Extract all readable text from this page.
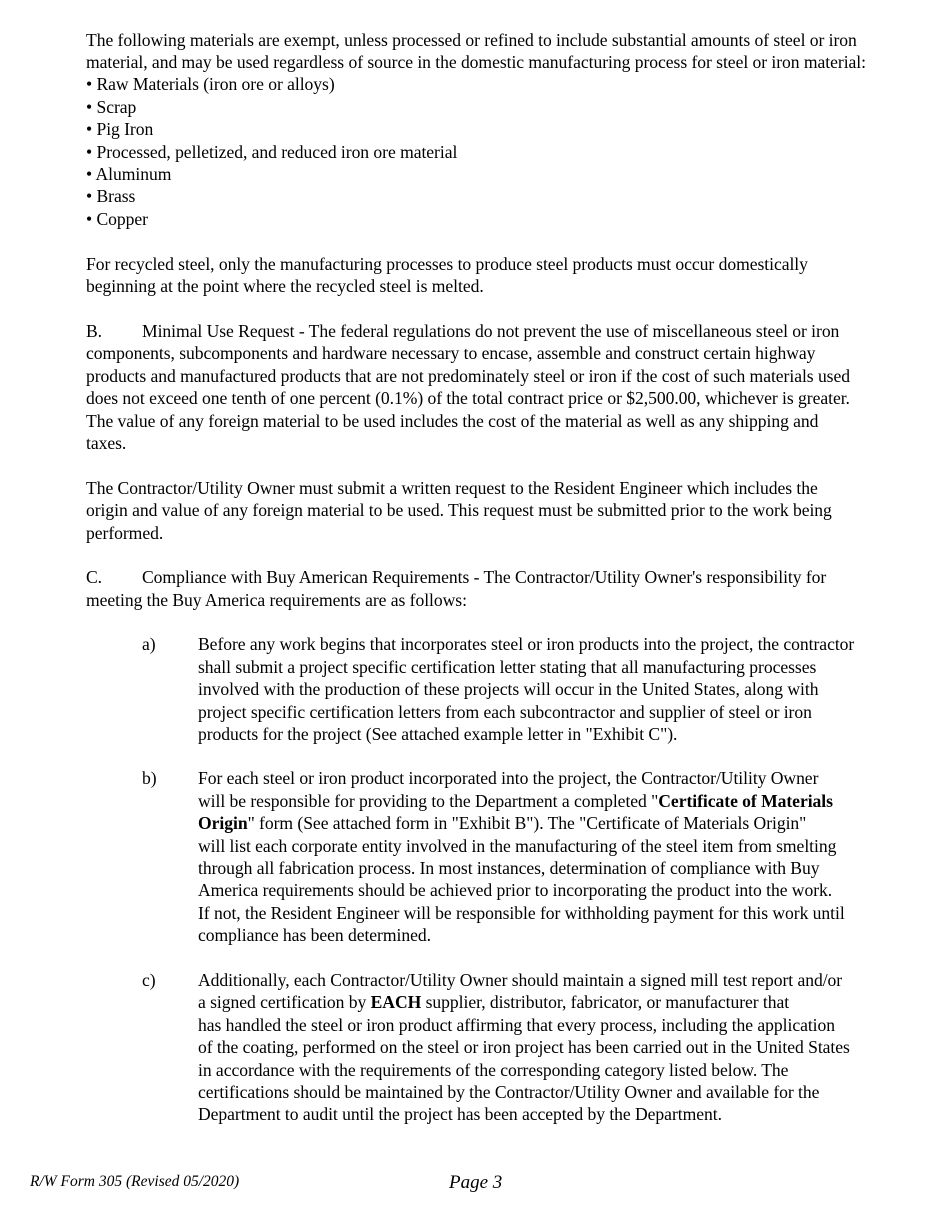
The following materials are exempt, unless processed or refined to include substantial amounts of steel or iron
material, and may be used regardless of source in the domestic manufacturing process for steel or iron material:
• Raw Materials (iron ore or alloys)
• Scrap
• Pig Iron
• Processed, pelletized, and reduced iron ore material
• Aluminum
• Brass
• Copper
For recycled steel, only the manufacturing processes to produce steel products must occur domestically
beginning at the point where the recycled steel is melted.
B. Minimal Use Request - The federal regulations do not prevent the use of miscellaneous steel or iron
components, subcomponents and hardware necessary to encase, assemble and construct certain highway
products and manufactured products that are not predominately steel or iron if the cost of such materials used
does not exceed one tenth of one percent (0.1%) of the total contract price or $2,500.00, whichever is greater.
The value of any foreign material to be used includes the cost of the material as well as any shipping and
taxes.
The Contractor/Utility Owner must submit a written request to the Resident Engineer which includes the
origin and value of any foreign material to be used. This request must be submitted prior to the work being
performed.
C. Compliance with Buy American Requirements - The Contractor/Utility Owner's responsibility for
meeting the Buy America requirements are as follows:
a) Before any work begins that incorporates steel or iron products into the project, the contractor
shall submit a project specific certification letter stating that all manufacturing processes
involved with the production of these projects will occur in the United States, along with
project specific certification letters from each subcontractor and supplier of steel or iron
products for the project (See attached example letter in "Exhibit C").
b) For each steel or iron product incorporated into the project, the Contractor/Utility Owner
will be responsible for providing to the Department a completed "Certificate of Materials
Origin" form (See attached form in "Exhibit B"). The "Certificate of Materials Origin"
will list each corporate entity involved in the manufacturing of the steel item from smelting
through all fabrication process. In most instances, determination of compliance with Buy
America requirements should be achieved prior to incorporating the product into the work.
If not, the Resident Engineer will be responsible for withholding payment for this work until
compliance has been determined.
c) Additionally, each Contractor/Utility Owner should maintain a signed mill test report and/or
a signed certification by EACH supplier, distributor, fabricator, or manufacturer that
has handled the steel or iron product affirming that every process, including the application
of the coating, performed on the steel or iron project has been carried out in the United States
in accordance with the requirements of the corresponding category listed below. The
certifications should be maintained by the Contractor/Utility Owner and available for the
Department to audit until the project has been accepted by the Department.
R/W Form 305 (Revised 05/2020)	Page 3
